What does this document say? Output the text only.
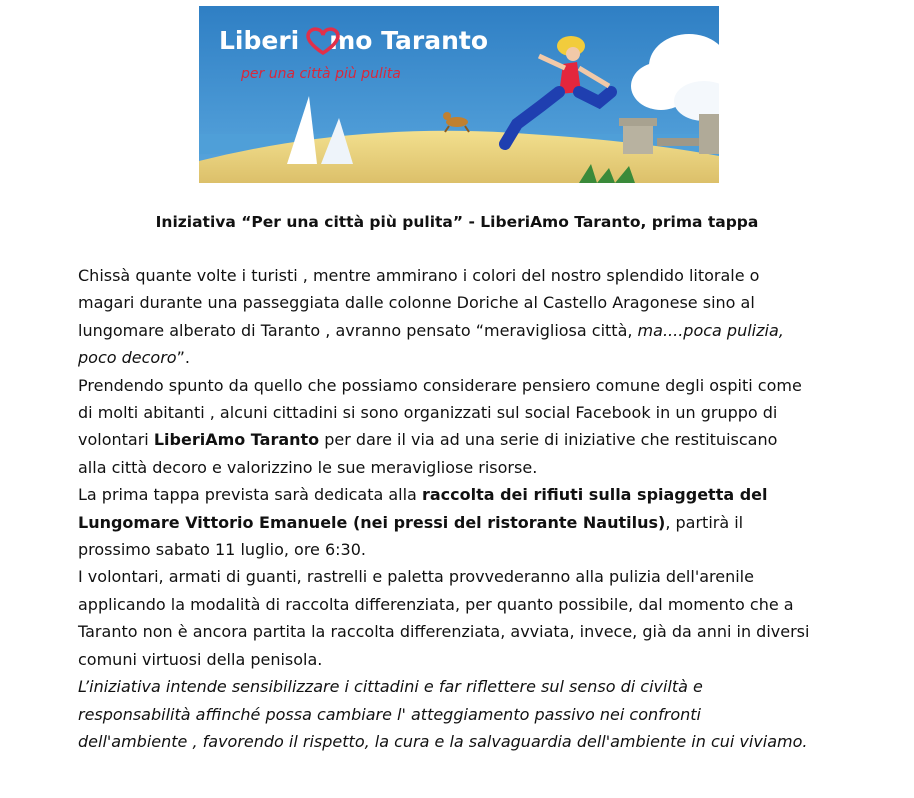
Liberi mo Taranto
per una città più pulita
Iniziativa “Per una città più pulita” - LiberiAmo Taranto, prima tappa

Chissà quante volte i turisti , mentre ammirano i colori del nostro splendido litorale o

magari durante una passeggiata dalle colonne Doriche al Castello Aragonese sino al

lungomare alberato di Taranto , avranno pensato “meravigliosa città, ma....poca pulizia,

poco decoro”.

Prendendo spunto da quello che possiamo considerare pensiero comune degli ospiti come

di molti abitanti , alcuni cittadini si sono organizzati sul social Facebook in un gruppo di

volontari LiberiAmo Taranto per dare il via ad una serie di iniziative che restituiscano

alla città decoro e valorizzino le sue meravigliose risorse.

La prima tappa prevista sarà dedicata alla raccolta dei rifiuti sulla spiaggetta del

Lungomare Vittorio Emanuele (nei pressi del ristorante Nautilus), partirà il

prossimo sabato 11 luglio, ore 6:30.

I volontari, armati di guanti, rastrelli e paletta provvederanno alla pulizia dell'arenile

applicando la modalità di raccolta differenziata, per quanto possibile, dal momento che a

Taranto non è ancora partita la raccolta differenziata, avviata, invece, già da anni in diversi

comuni virtuosi della penisola.

L’iniziativa intende sensibilizzare i cittadini e far riflettere sul senso di civiltà e

responsabilità affinché possa cambiare l' atteggiamento passivo nei confronti

dell'ambiente , favorendo il rispetto, la cura e la salvaguardia dell'ambiente in cui viviamo.
